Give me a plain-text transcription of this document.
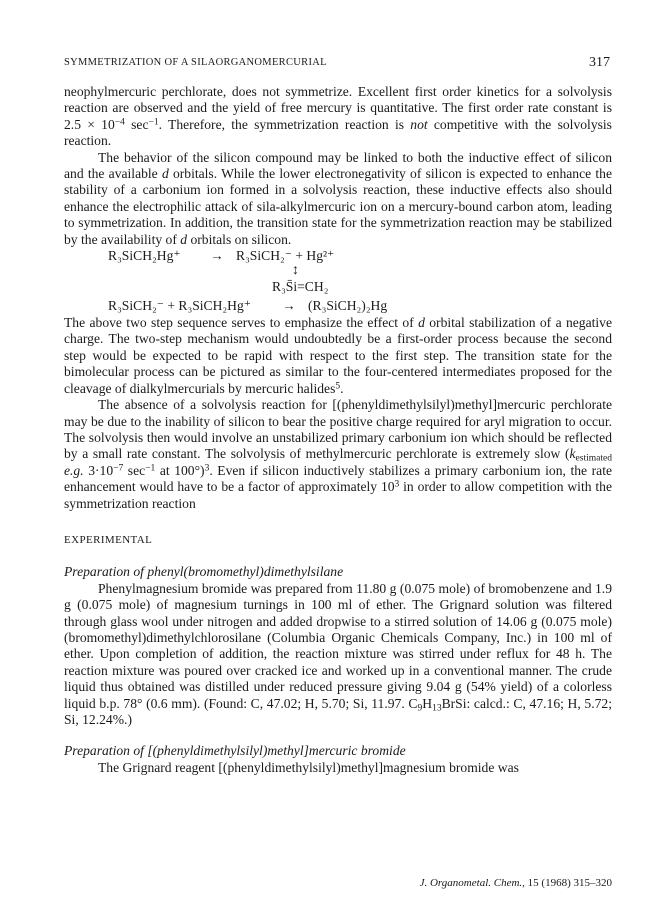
SYMMETRIZATION OF A SILAORGANOMERCURIAL	317

neophylmercuric perchlorate, does not symmetrize. Excellent first order kinetics for a solvolysis reaction are observed and the yield of free mercury is quantitative. The first order rate constant is $2.5 \times 10^{-4}$ $\sec^{-1}$. Therefore, the symmetrization reaction is not competitive with the solvolysis reaction.

The behavior of the silicon compound may be linked to both the inductive effect of silicon and the available d orbitals. While the lower electronegativity of silicon is expected to enhance the stability of a carbonium ion formed in a solvolysis reaction, these inductive effects also should enhance the electrophilic attack of sila-alkylmercuric ion on a mercury-bound carbon atom, leading to symmetrization. In addition, the transition state for the symmetrization reaction may be stabilized by the availability of d orbitals on silicon.

R₃SiCH₂Hg⁺ → R₃SiCH₂⁻ + Hg²⁺
↕
R₃S̄i=CH₂
R₃SiCH₂⁻ + R₃SiCH₂Hg⁺ → (R₃SiCH₂)₂Hg

The above two step sequence serves to emphasize the effect of d orbital stabilization of a negative charge. The two-step mechanism would undoubtedly be a first-order process because the second step would be expected to be rapid with respect to the first step. The transition state for the bimolecular process can be pictured as similar to the four-centered intermediates proposed for the cleavage of dialkylmercurials by mercuric halides$^5$.

The absence of a solvolysis reaction for [(phenyldimethylsilyl)methyl]mercuric perchlorate may be due to the inability of silicon to bear the positive charge required for aryl migration to occur. The solvolysis then would involve an unstabilized primary carbonium ion which should be reflected by a small rate constant. The solvolysis of methylmercuric perchlorate is extremely slow ($k_{estimated}$ e.g. $3\cdot 10^{-7}$ $\sec^{-1}$ at 100°)$^3$. Even if silicon inductively stabilizes a primary carbonium ion, the rate enhancement would have to be a factor of approximately $10^3$ in order to allow competition with the symmetrization reaction

EXPERIMENTAL

Preparation of phenyl(bromomethyl)dimethylsilane

Phenylmagnesium bromide was prepared from 11.80 g (0.075 mole) of bromobenzene and 1.9 g (0.075 mole) of magnesium turnings in 100 ml of ether. The Grignard solution was filtered through glass wool under nitrogen and added dropwise to a stirred solution of 14.06 g (0.075 mole) (bromomethyl)dimethylchlorosilane (Columbia Organic Chemicals Company, Inc.) in 100 ml of ether. Upon completion of addition, the reaction mixture was stirred under reflux for 48 h. The reaction mixture was poured over cracked ice and worked up in a conventional manner. The crude liquid thus obtained was distilled under reduced pressure giving 9.04 g (54% yield) of a colorless liquid b.p. 78° (0.6 mm). (Found: C, 47.02; H, 5.70; Si, 11.97. $C_9H_{13}BrSi$: calcd.: C, 47.16; H, 5.72; Si, 12.24%.)

Preparation of [(phenyldimethylsilyl)methyl]mercuric bromide

The Grignard reagent [(phenyldimethylsilyl)methyl]magnesium bromide was

J. Organometal. Chem., 15 (1968) 315–320
